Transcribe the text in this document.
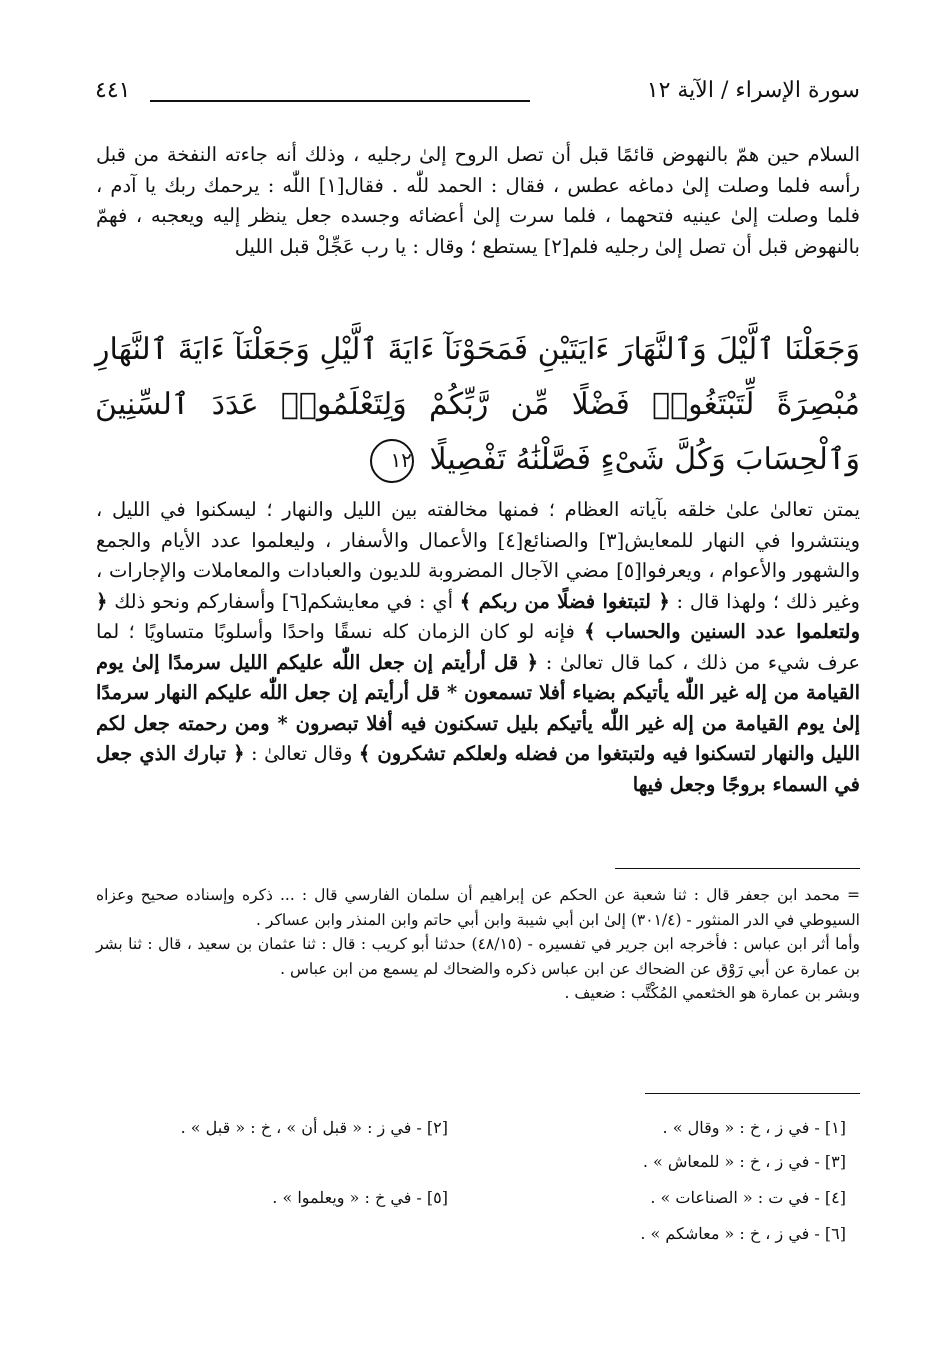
سورة الإسراء / الآية ١٢
٤٤١

السلام حين همّ بالنهوض قائمًا قبل أن تصل الروح إلىٰ رجليه ، وذلك أنه جاءته النفخة من قبل رأسه فلما وصلت إلىٰ دماغه عطس ، فقال : الحمد للّٰه . فقال[١] اللّٰه : يرحمك ربك يا آدم ، فلما وصلت إلىٰ عينيه فتحهما ، فلما سرت إلىٰ أعضائه وجسده جعل ينظر إليه ويعجبه ، فهمّ بالنهوض قبل أن تصل إلىٰ رجليه فلم[٢] يستطع ؛ وقال : يا رب عَجِّلْ قبل الليل

وَجَعَلْنَا ٱلَّيْلَ وَٱلنَّهَارَ ءَايَتَيْنِ فَمَحَوْنَآ ءَايَةَ ٱلَّيْلِ وَجَعَلْنَآ ءَايَةَ ٱلنَّهَارِ مُبْصِرَةً لِّتَبْتَغُوا۟ فَضْلًا مِّن رَّبِّكُمْ وَلِتَعْلَمُوا۟ عَدَدَ ٱلسِّنِينَ وَٱلْحِسَابَ وَكُلَّ شَىْءٍ فَصَّلْنَٰهُ تَفْصِيلًا ١٢

يمتن تعالىٰ علىٰ خلقه بآياته العظام ؛ فمنها مخالفته بين الليل والنهار ؛ ليسكنوا في الليل ، وينتشروا في النهار للمعايش[٣] والصنائع[٤] والأعمال والأسفار ، وليعلموا عدد الأيام والجمع والشهور والأعوام ، ويعرفوا[٥] مضي الآجال المضروبة للديون والعبادات والمعاملات والإجارات ، وغير ذلك ؛ ولهذا قال : ﴿ لتبتغوا فضلًا من ربكم ﴾ أي : في معايشكم[٦] وأسفاركم ونحو ذلك ﴿ ولتعلموا عدد السنين والحساب ﴾ فإنه لو كان الزمان كله نسقًا واحدًا وأسلوبًا متساويًا ؛ لما عرف شيء من ذلك ، كما قال تعالىٰ : ﴿ قل أرأيتم إن جعل اللّٰه عليكم الليل سرمدًا إلىٰ يوم القيامة من إله غير اللّٰه يأتيكم بضياء أفلا تسمعون * قل أرأيتم إن جعل اللّٰه عليكم النهار سرمدًا إلىٰ يوم القيامة من إله غير اللّٰه يأتيكم بليل تسكنون فيه أفلا تبصرون * ومن رحمته جعل لكم الليل والنهار لتسكنوا فيه ولتبتغوا من فضله ولعلكم تشكرون ﴾ وقال تعالىٰ : ﴿ تبارك الذي جعل في السماء بروجًا وجعل فيها

= محمد ابن جعفر قال : ثنا شعبة عن الحكم عن إبراهيم أن سلمان الفارسي قال : ... ذكره وإسناده صحيح وعزاه السيوطي في الدر المنثور - (٣٠١/٤) إلىٰ ابن أبي شيبة وابن أبي حاتم وابن المنذر وابن عساكر .
وأما أثر ابن عباس : فأخرجه ابن جرير في تفسيره - (٤٨/١٥) حدثنا أبو كريب : قال : ثنا عثمان بن سعيد ، قال : ثنا بشر بن عمارة عن أبي رَوْق عن الضحاك عن ابن عباس ذكره والضحاك لم يسمع من ابن عباس .
وبشر بن عمارة هو الخثعمي المُكْتَّب : ضعيف .
[١] - في ز ، خ : « وقال » .
[٢] - في ز : « قبل أن » ، خ : « قبل » .
[٣] - في ز ، خ : « للمعاش » .
[٤] - في ت : « الصناعات » .
[٥] - في خ : « ويعلموا » .
[٦] - في ز ، خ : « معاشكم » .
